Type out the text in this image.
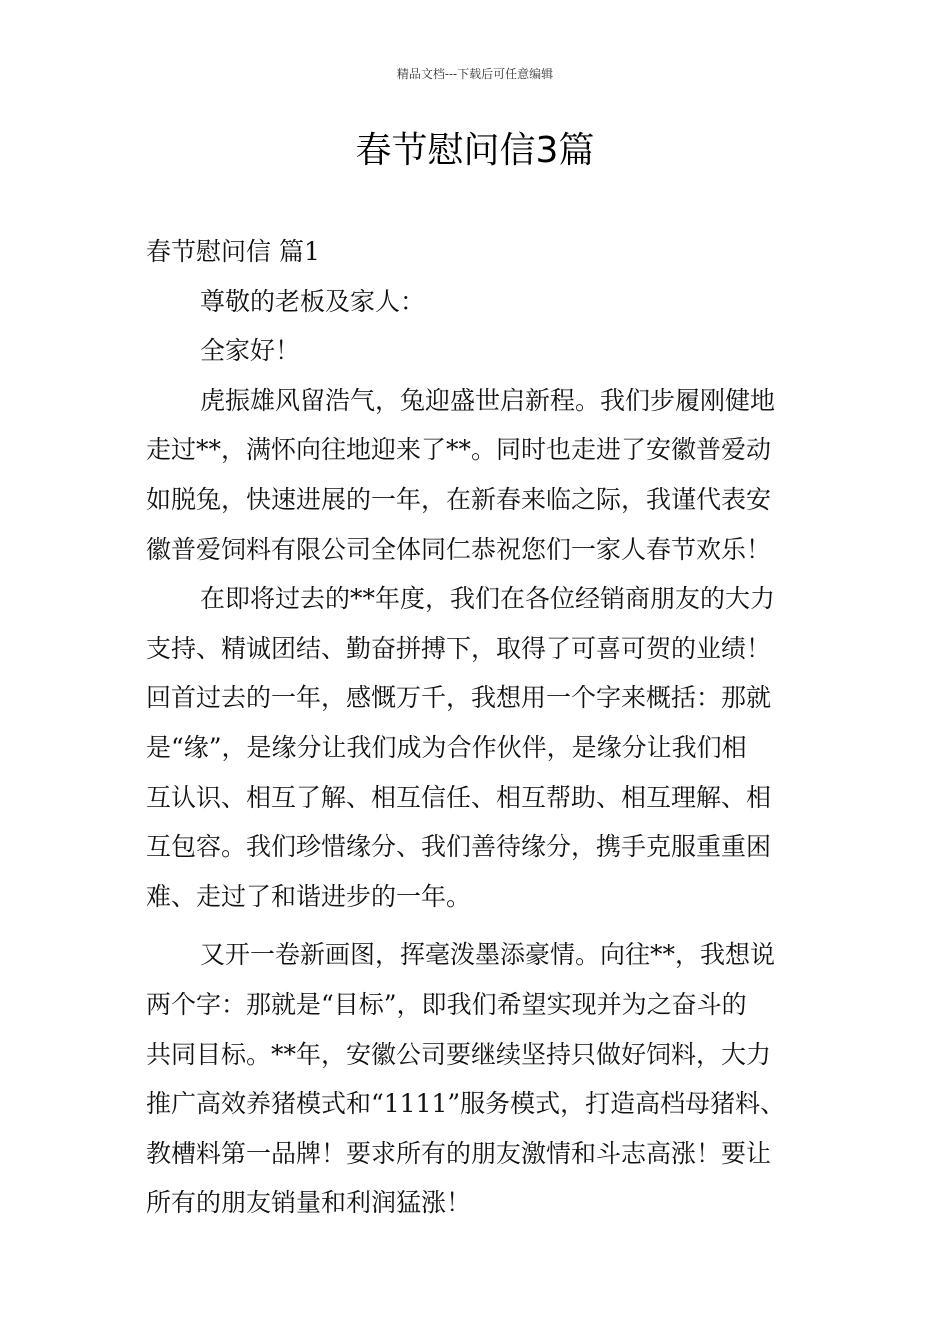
精品文档---下载后可任意编辑
春节慰问信3篇
春节慰问信 篇1
尊敬的老板及家人：
全家好！
虎振雄风留浩气，兔迎盛世启新程。我们步履刚健地
走过**，满怀向往地迎来了**。同时也走进了安徽普爱动
如脱兔，快速进展的一年，在新春来临之际，我谨代表安
徽普爱饲料有限公司全体同仁恭祝您们一家人春节欢乐！
在即将过去的**年度，我们在各位经销商朋友的大力
支持、精诚团结、勤奋拼搏下，取得了可喜可贺的业绩！
回首过去的一年，感慨万千，我想用一个字来概括：那就
是“缘”，是缘分让我们成为合作伙伴，是缘分让我们相
互认识、相互了解、相互信任、相互帮助、相互理解、相
互包容。我们珍惜缘分、我们善待缘分，携手克服重重困
难、走过了和谐进步的一年。
又开一卷新画图，挥毫泼墨添豪情。向往**，我想说
两个字：那就是“目标”，即我们希望实现并为之奋斗的
共同目标。**年，安徽公司要继续坚持只做好饲料，大力
推广高效养猪模式和“1111”服务模式，打造高档母猪料、
教槽料第一品牌！要求所有的朋友激情和斗志高涨！要让
所有的朋友销量和利润猛涨！
